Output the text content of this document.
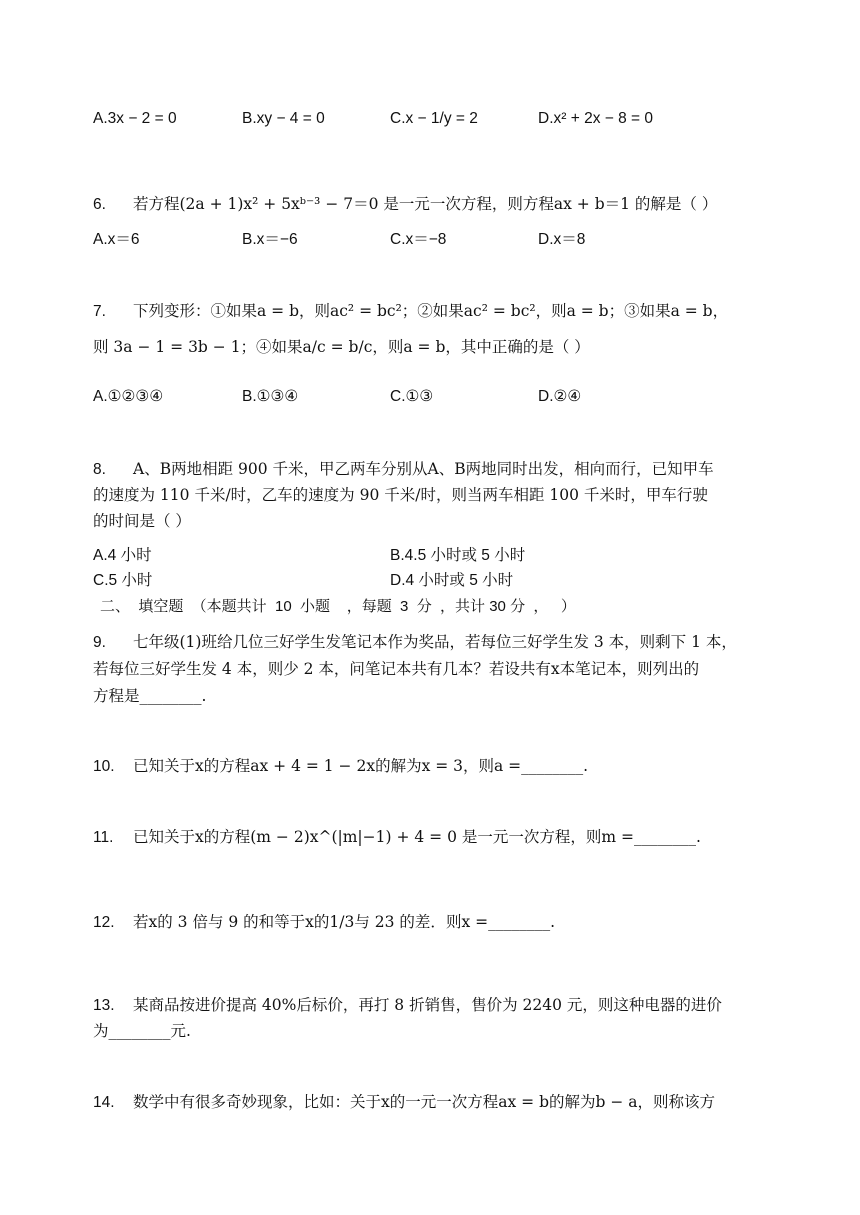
A.3x − 2 = 0	B.xy − 4 = 0	C.x − 1/y = 2	D.x² + 2x − 8 = 0
6. 若方程(2a + 1)x² + 5xᵇ⁻³ − 7＝0 是一元一次方程，则方程ax + b＝1 的解是（ ）
A.x＝6	B.x＝−6	C.x＝−8	D.x＝8
7. 下列变形：①如果a = b，则ac² = bc²；②如果ac² = bc²，则a = b；③如果a = b，
则 3a − 1 = 3b − 1；④如果a/c = b/c，则a = b，其中正确的是（ ）
A.①②③④	B.①③④	C.①③	D.②④
8. A、B两地相距 900 千米，甲乙两车分别从A、B两地同时出发，相向而行，已知甲车
的速度为 110 千米/时，乙车的速度为 90 千米/时，则当两车相距 100 千米时，甲车行驶
的时间是（ ）
A.4 小时	B.4.5 小时或 5 小时
C.5 小时	D.4 小时或 5 小时
二、  填空题  （本题共计  10  小题    ，每题  3  分  ，共计 30 分  ，   ）
9. 七年级(1)班给几位三好学生发笔记本作为奖品，若每位三好学生发 3 本，则剩下 1 本，
若每位三好学生发 4 本，则少 2 本，问笔记本共有几本？若设共有x本笔记本，则列出的
方程是________.
10. 已知关于x的方程ax + 4 = 1 − 2x的解为x = 3，则a =________.
11. 已知关于x的方程(m − 2)x^(|m|−1) + 4 = 0 是一元一次方程，则m =________.
12. 若x的 3 倍与 9 的和等于x的1/3与 23 的差．则x =________.
13. 某商品按进价提高 40%后标价，再打 8 折销售，售价为 2240 元，则这种电器的进价
为________元.
14. 数学中有很多奇妙现象，比如：关于x的一元一次方程ax = b的解为b − a，则称该方
